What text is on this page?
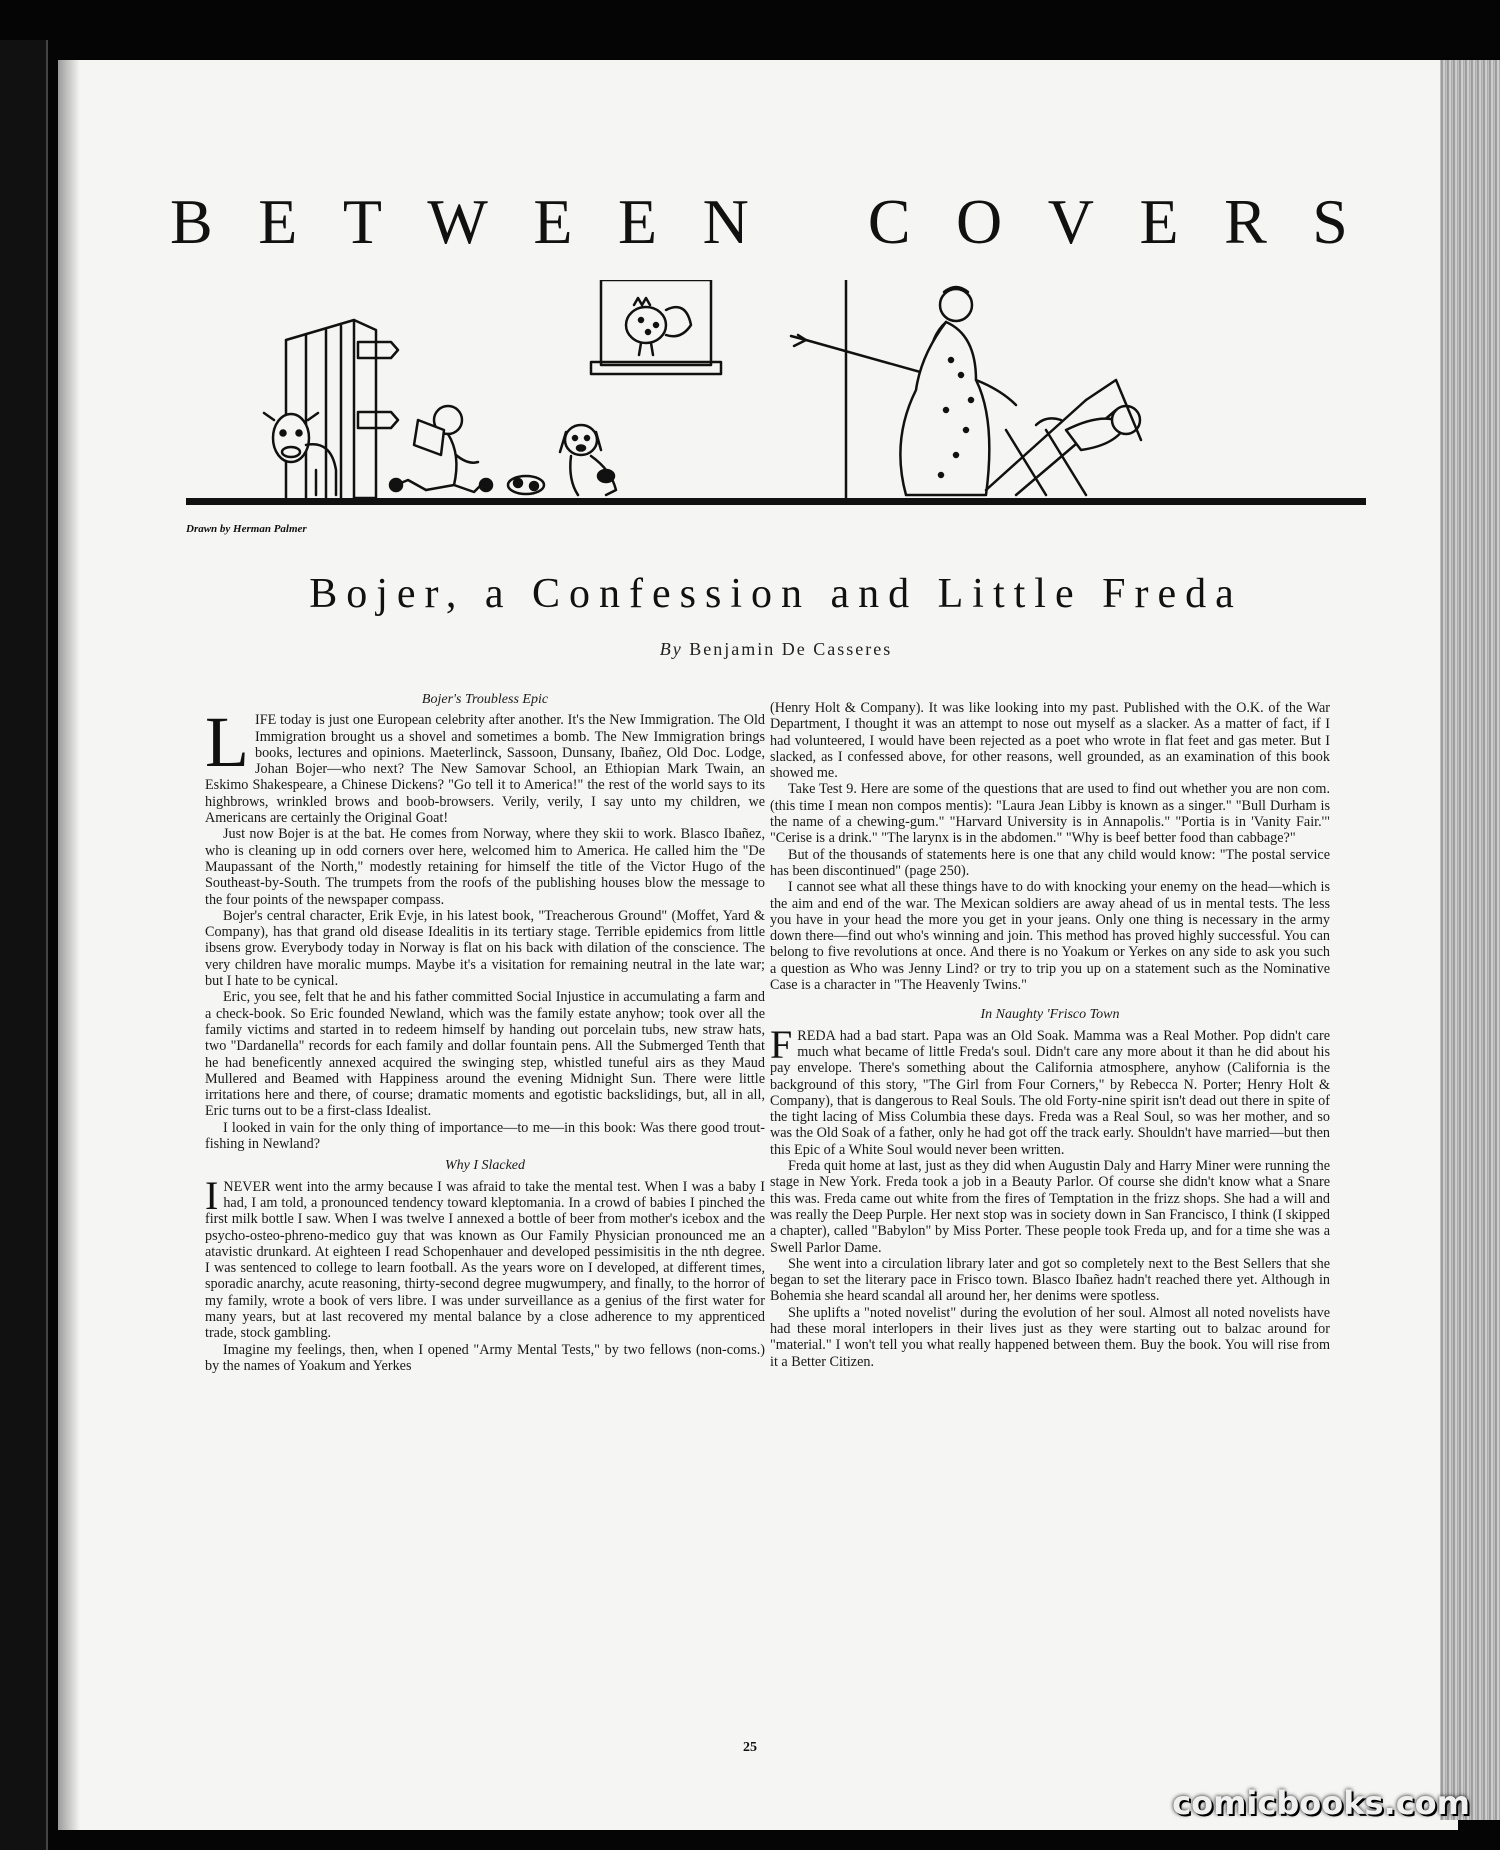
B E T W E E N C O V E R S
Drawn by Herman Palmer
Bojer, a Confession and Little Freda
By Benjamin De Casseres
Bojer's Troubless Epic

LIFE today is just one European celebrity after another. It's the New Immigration. The Old Immigration brought us a shovel and sometimes a bomb. The New Immigration brings books, lectures and opinions. Maeterlinck, Sassoon, Dunsany, Ibañez, Old Doc. Lodge, Johan Bojer—who next? The New Samovar School, an Ethiopian Mark Twain, an Eskimo Shakespeare, a Chinese Dickens? "Go tell it to America!" the rest of the world says to its highbrows, wrinkled brows and boob-browsers. Verily, verily, I say unto my children, we Americans are certainly the Original Goat!

Just now Bojer is at the bat. He comes from Norway, where they skii to work. Blasco Ibañez, who is cleaning up in odd corners over here, welcomed him to America. He called him the "De Maupassant of the North," modestly retaining for himself the title of the Victor Hugo of the Southeast-by-South. The trumpets from the roofs of the publishing houses blow the message to the four points of the newspaper compass.

Bojer's central character, Erik Evje, in his latest book, "Treacherous Ground" (Moffet, Yard & Company), has that grand old disease Idealitis in its tertiary stage. Terrible epidemics from little ibsens grow. Everybody today in Norway is flat on his back with dilation of the conscience. The very children have moralic mumps. Maybe it's a visitation for remaining neutral in the late war; but I hate to be cynical.

Eric, you see, felt that he and his father committed Social Injustice in accumulating a farm and a check-book. So Eric founded Newland, which was the family estate anyhow; took over all the family victims and started in to redeem himself by handing out porcelain tubs, new straw hats, two "Dardanella" records for each family and dollar fountain pens. All the Submerged Tenth that he had beneficently annexed acquired the swinging step, whistled tuneful airs as they Maud Mullered and Beamed with Happiness around the evening Midnight Sun. There were little irritations here and there, of course; dramatic moments and egotistic backslidings, but, all in all, Eric turns out to be a first-class Idealist.

I looked in vain for the only thing of importance—to me—in this book: Was there good trout-fishing in Newland?

Why I Slacked

INEVER went into the army because I was afraid to take the mental test. When I was a baby I had, I am told, a pronounced tendency toward kleptomania. In a crowd of babies I pinched the first milk bottle I saw. When I was twelve I annexed a bottle of beer from mother's icebox and the psycho-osteo-phreno-medico guy that was known as Our Family Physician pronounced me an atavistic drunkard. At eighteen I read Schopenhauer and developed pessimisitis in the nth degree. I was sentenced to college to learn football. As the years wore on I developed, at different times, sporadic anarchy, acute reasoning, thirty-second degree mugwumpery, and finally, to the horror of my family, wrote a book of vers libre. I was under surveillance as a genius of the first water for many years, but at last recovered my mental balance by a close adherence to my apprenticed trade, stock gambling.

Imagine my feelings, then, when I opened "Army Mental Tests," by two fellows (non-coms.) by the names of Yoakum and Yerkes

(Henry Holt & Company). It was like looking into my past. Published with the O.K. of the War Department, I thought it was an attempt to nose out myself as a slacker. As a matter of fact, if I had volunteered, I would have been rejected as a poet who wrote in flat feet and gas meter. But I slacked, as I confessed above, for other reasons, well grounded, as an examination of this book showed me.

Take Test 9. Here are some of the questions that are used to find out whether you are non com. (this time I mean non compos mentis): "Laura Jean Libby is known as a singer." "Bull Durham is the name of a chewing-gum." "Harvard University is in Annapolis." "Portia is in 'Vanity Fair.'" "Cerise is a drink." "The larynx is in the abdomen." "Why is beef better food than cabbage?"

But of the thousands of statements here is one that any child would know: "The postal service has been discontinued" (page 250).

I cannot see what all these things have to do with knocking your enemy on the head—which is the aim and end of the war. The Mexican soldiers are away ahead of us in mental tests. The less you have in your head the more you get in your jeans. Only one thing is necessary in the army down there—find out who's winning and join. This method has proved highly successful. You can belong to five revolutions at once. And there is no Yoakum or Yerkes on any side to ask you such a question as Who was Jenny Lind? or try to trip you up on a statement such as the Nominative Case is a character in "The Heavenly Twins."

In Naughty 'Frisco Town

FREDA had a bad start. Papa was an Old Soak. Mamma was a Real Mother. Pop didn't care much what became of little Freda's soul. Didn't care any more about it than he did about his pay envelope. There's something about the California atmosphere, anyhow (California is the background of this story, "The Girl from Four Corners," by Rebecca N. Porter; Henry Holt & Company), that is dangerous to Real Souls. The old Forty-nine spirit isn't dead out there in spite of the tight lacing of Miss Columbia these days. Freda was a Real Soul, so was her mother, and so was the Old Soak of a father, only he had got off the track early. Shouldn't have married—but then this Epic of a White Soul would never been written.

Freda quit home at last, just as they did when Augustin Daly and Harry Miner were running the stage in New York. Freda took a job in a Beauty Parlor. Of course she didn't know what a Snare this was. Freda came out white from the fires of Temptation in the frizz shops. She had a will and was really the Deep Purple. Her next stop was in society down in San Francisco, I think (I skipped a chapter), called "Babylon" by Miss Porter. These people took Freda up, and for a time she was a Swell Parlor Dame.

She went into a circulation library later and got so completely next to the Best Sellers that she began to set the literary pace in Frisco town. Blasco Ibañez hadn't reached there yet. Although in Bohemia she heard scandal all around her, her denims were spotless.

She uplifts a "noted novelist" during the evolution of her soul. Almost all noted novelists have had these moral interlopers in their lives just as they were starting out to balzac around for "material." I won't tell you what really happened between them. Buy the book. You will rise from it a Better Citizen.

25
comicbooks.com
